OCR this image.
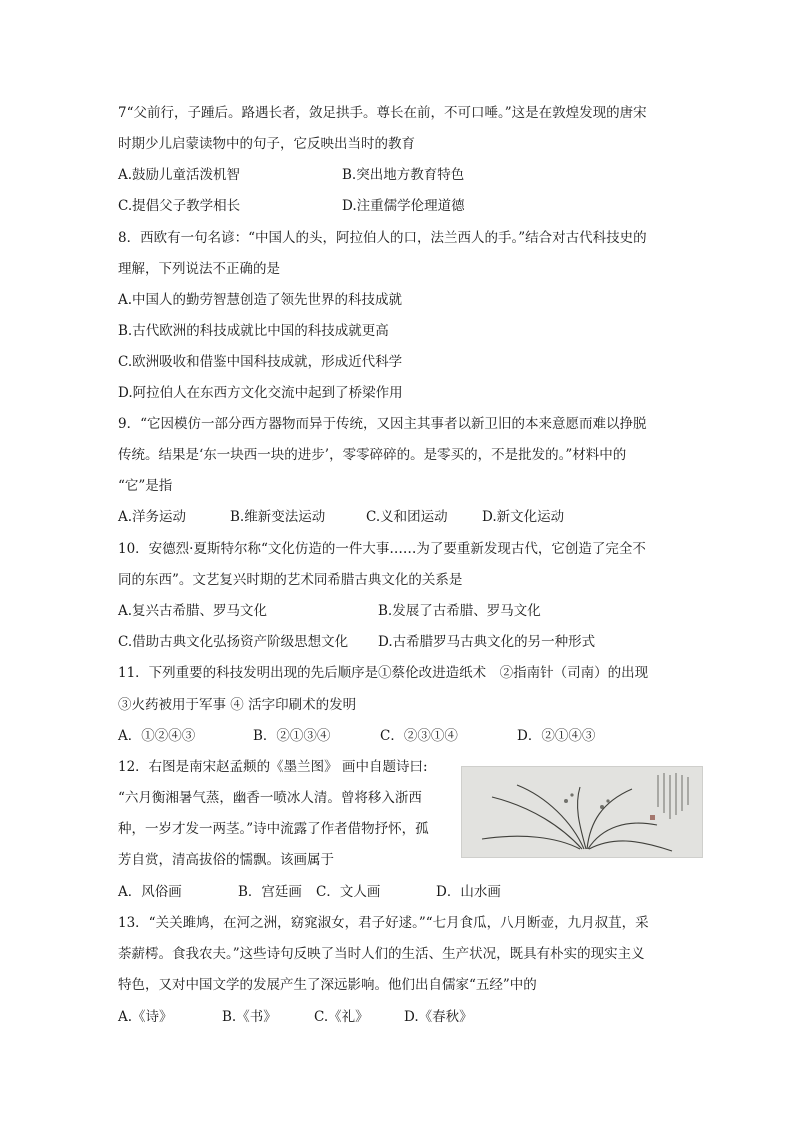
7“父前行，子踵后。路遇长者，敛足拱手。尊长在前，不可口唾。”这是在敦煌发现的唐宋
时期少儿启蒙读物中的句子，它反映出当时的教育
A.鼓励儿童活泼机智	B.突出地方教育特色
C.提倡父子教学相长	D.注重儒学伦理道德
8．西欧有一句名谚：“中国人的头，阿拉伯人的口，法兰西人的手。”结合对古代科技史的
理解，下列说法不正确的是
A.中国人的勤劳智慧创造了领先世界的科技成就
B.古代欧洲的科技成就比中国的科技成就更高
C.欧洲吸收和借鉴中国科技成就，形成近代科学
D.阿拉伯人在东西方文化交流中起到了桥梁作用
9．“它因模仿一部分西方器物而异于传统，又因主其事者以新卫旧的本来意愿而难以挣脱
传统。结果是‘东一块西一块的进步’，零零碎碎的。是零买的，不是批发的。”材料中的
“它”是指
A.洋务运动	B.维新变法运动	C.义和团运动	D.新文化运动
10．安德烈·夏斯特尔称“文化仿造的一件大事……为了要重新发现古代，它创造了完全不
同的东西”。文艺复兴时期的艺术同希腊古典文化的关系是
A.复兴古希腊、罗马文化	B.发展了古希腊、罗马文化
C.借助古典文化弘扬资产阶级思想文化 D.古希腊罗马古典文化的另一种形式
11．下列重要的科技发明出现的先后顺序是①蔡伦改进造纸术　②指南针（司南）的出现
③火药被用于军事 ④ 活字印刷术的发明
A．①②④③	B．②①③④	C．②③①④	D．②①④③
12．右图是南宋赵孟𫖯的《墨兰图》 画中自题诗曰:
“六月衡湘暑气蒸，幽香一喷冰人清。曾将移入浙西
种，一岁才发一两茎。”诗中流露了作者借物抒怀，孤
芳自赏，清高拔俗的懦飘。该画属于
A．风俗画	B．宫廷画 C．文人画	D．山水画
13．“关关雎鸠，在河之洲，窈窕淑女，君子好逑。”“七月食瓜，八月断壶，九月叔苴，采
荼薪樗。食我农夫。”这些诗句反映了当时人们的生活、生产状况，既具有朴实的现实主义
特色，又对中国文学的发展产生了深远影响。他们出自儒家“五经”中的
A.《诗》	B.《书》	C.《礼》	D.《春秋》
